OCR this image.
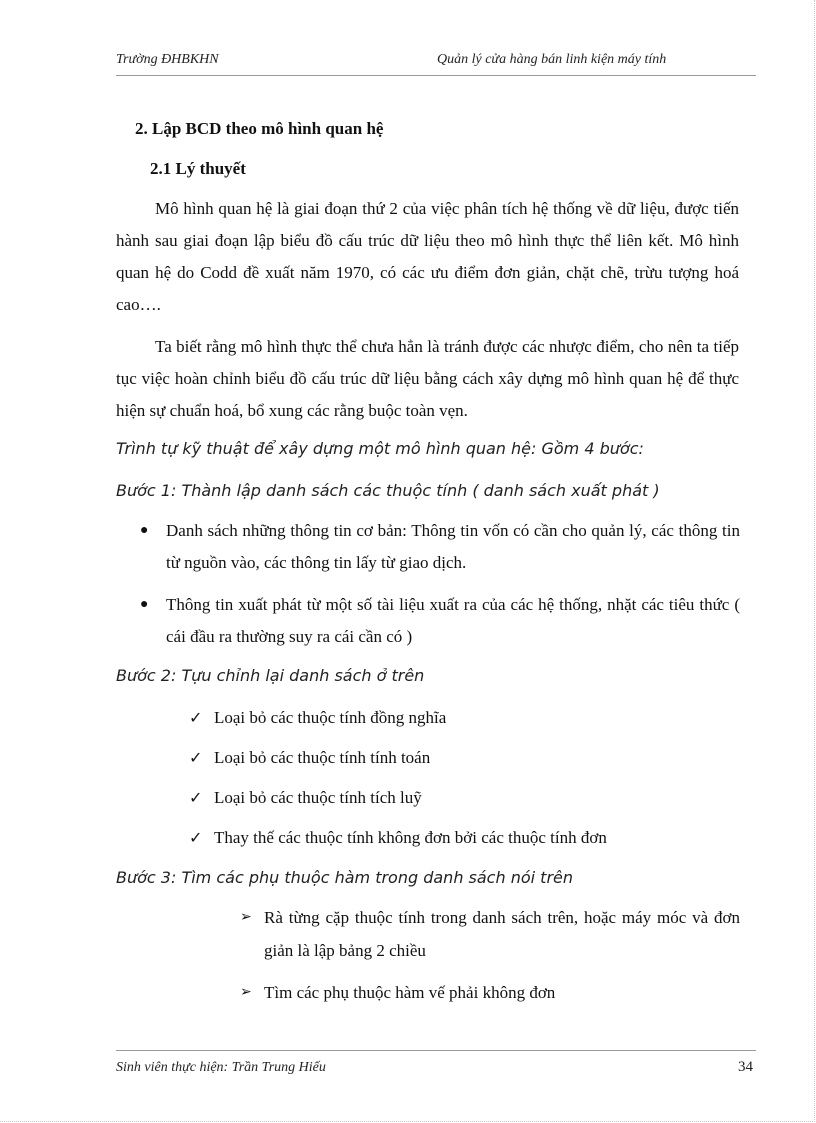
Trường ĐHBKHN	Quản lý cửa hàng bán linh kiện máy tính
2. Lập BCD theo mô hình quan hệ
2.1 Lý thuyết

Mô hình quan hệ là giai đoạn thứ 2 của việc phân tích hệ thống về dữ liệu, được tiến hành sau giai đoạn lập biểu đồ cấu trúc dữ liệu theo mô hình thực thể liên kết. Mô hình quan hệ do Codd đề xuất năm 1970, có các ưu điểm đơn giản, chặt chẽ, trừu tượng hoá cao….

Ta biết rằng mô hình thực thể chưa hẳn là tránh được các nhược điểm, cho nên ta tiếp tục việc hoàn chỉnh biểu đồ cấu trúc dữ liệu bằng cách xây dựng mô hình quan hệ để thực hiện sự chuẩn hoá, bổ xung các rằng buộc toàn vẹn.

Trình tự kỹ thuật để xây dựng một mô hình quan hệ: Gồm 4 bước:
Bước 1: Thành lập danh sách các thuộc tính ( danh sách xuất phát )
● Danh sách những thông tin cơ bản: Thông tin vốn có cần cho quản lý, các thông tin từ nguồn vào, các thông tin lấy từ giao dịch.
● Thông tin xuất phát từ một số tài liệu xuất ra của các hệ thống, nhặt các tiêu thức ( cái đầu ra thường suy ra cái cần có )
Bước 2: Tựu chỉnh lại danh sách ở trên
✓ Loại bỏ các thuộc tính đồng nghĩa
✓ Loại bỏ các thuộc tính tính toán
✓ Loại bỏ các thuộc tính tích luỹ
✓ Thay thế các thuộc tính không đơn bởi các thuộc tính đơn
Bước 3: Tìm các phụ thuộc hàm trong danh sách nói trên
➢ Rà từng cặp thuộc tính trong danh sách trên, hoặc máy móc và đơn giản là lập bảng 2 chiều
➢ Tìm các phụ thuộc hàm vế phải không đơn
Sinh viên thực hiện: Trần Trung Hiếu	34
